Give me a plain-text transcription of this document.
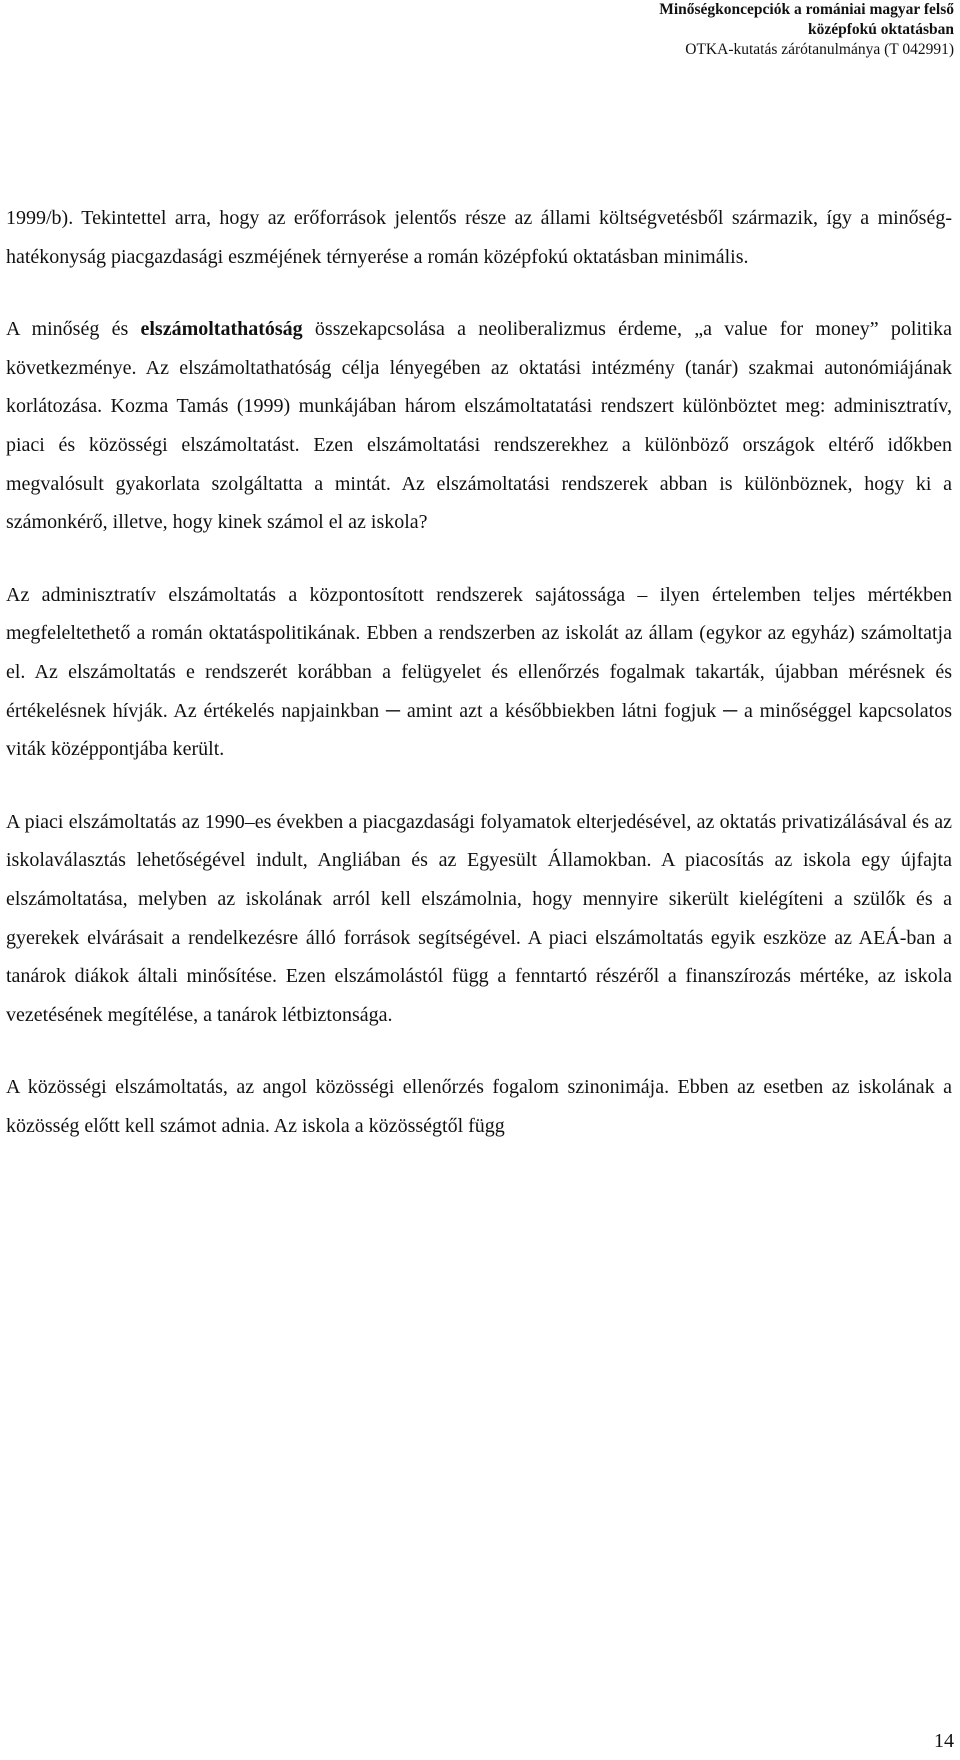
Minőségkoncepciók a romániai magyar felső
középfokú oktatásban
OTKA-kutatás zárótanulmánya (T 042991)

1999/b). Tekintettel arra, hogy az erőforrások jelentős része az állami költségvetésből származik, így a minőség-hatékonyság piacgazdasági eszméjének térnyerése a román középfokú oktatásban minimális.

A minőség és elszámoltathatóság összekapcsolása a neoliberalizmus érdeme, „a value for money” politika következménye. Az elszámoltathatóság célja lényegében az oktatási intézmény (tanár) szakmai autonómiájának korlátozása. Kozma Tamás (1999) munkájában három elszámoltatatási rendszert különböztet meg: adminisztratív, piaci és közösségi elszámoltatást. Ezen elszámoltatási rendszerekhez a különböző országok eltérő időkben megvalósult gyakorlata szolgáltatta a mintát. Az elszámoltatási rendszerek abban is különböznek, hogy ki a számonkérő, illetve, hogy kinek számol el az iskola?

Az adminisztratív elszámoltatás a központosított rendszerek sajátossága – ilyen értelemben teljes mértékben megfeleltethető a román oktatáspolitikának. Ebben a rendszerben az iskolát az állam (egykor az egyház) számoltatja el. Az elszámoltatás e rendszerét korábban a felügyelet és ellenőrzés fogalmak takarták, újabban mérésnek és értékelésnek hívják. Az értékelés napjainkban ─ amint azt a későbbiekben látni fogjuk ─ a minőséggel kapcsolatos viták középpontjába került.

A piaci elszámoltatás az 1990–es években a piacgazdasági folyamatok elterjedésével, az oktatás privatizálásával és az iskolaválasztás lehetőségével indult, Angliában és az Egyesült Államokban. A piacosítás az iskola egy újfajta elszámoltatása, melyben az iskolának arról kell elszámolnia, hogy mennyire sikerült kielégíteni a szülők és a gyerekek elvárásait a rendelkezésre álló források segítségével. A piaci elszámoltatás egyik eszköze az AEÁ-ban a tanárok diákok általi minősítése. Ezen elszámolástól függ a fenntartó részéről a finanszírozás mértéke, az iskola vezetésének megítélése, a tanárok létbiztonsága.

A közösségi elszámoltatás, az angol közösségi ellenőrzés fogalom szinonimája. Ebben az esetben az iskolának a közösség előtt kell számot adnia. Az iskola a közösségtől függ

14
